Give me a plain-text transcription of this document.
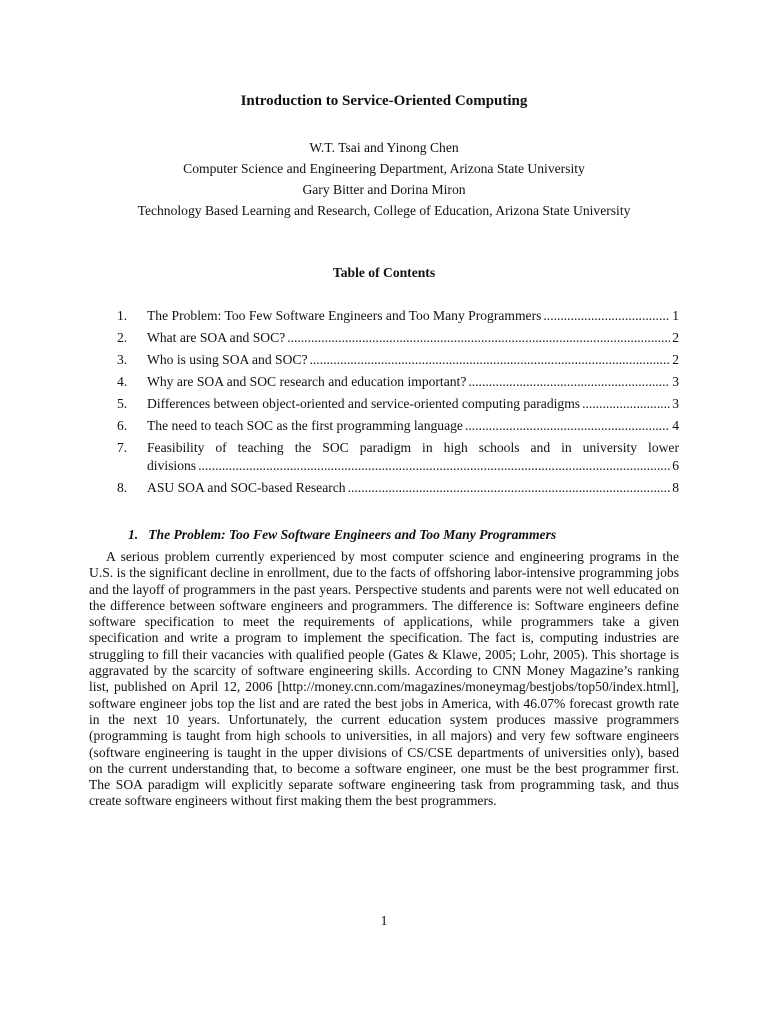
Introduction to Service-Oriented Computing
W.T. Tsai and Yinong Chen
Computer Science and Engineering Department, Arizona State University
Gary Bitter and Dorina Miron
Technology Based Learning and Research, College of Education, Arizona State University
Table of Contents
1.	The Problem: Too Few Software Engineers and Too Many Programmers .....	1
2.	What are SOA and SOC? .....	2
3.	Who is using SOA and SOC? .....	2
4.	Why are SOA and SOC research and education important? .....	3
5.	Differences between object-oriented and service-oriented computing paradigms .....	3
6.	The need to teach SOC as the first programming language .....	4
7.	Feasibility of teaching the SOC paradigm in high schools and in university lower
divisions .....	6
8.	ASU SOA and SOC-based Research .....	8
1. The Problem: Too Few Software Engineers and Too Many Programmers
A serious problem currently experienced by most computer science and engineering programs in the U.S. is the significant decline in enrollment, due to the facts of offshoring labor-intensive programming jobs and the layoff of programmers in the past years. Perspective students and parents were not well educated on the difference between software engineers and programmers. The difference is: Software engineers define software specification to meet the requirements of applications, while programmers take a given specification and write a program to implement the specification. The fact is, computing industries are struggling to fill their vacancies with qualified people (Gates & Klawe, 2005; Lohr, 2005). This shortage is aggravated by the scarcity of software engineering skills. According to CNN Money Magazine’s ranking list, published on April 12, 2006 [http://money.cnn.com/magazines/moneymag/bestjobs/top50/index.html], software engineer jobs top the list and are rated the best jobs in America, with 46.07% forecast growth rate in the next 10 years. Unfortunately, the current education system produces massive programmers (programming is taught from high schools to universities, in all majors) and very few software engineers (software engineering is taught in the upper divisions of CS/CSE departments of universities only), based on the current understanding that, to become a software engineer, one must be the best programmer first. The SOA paradigm will explicitly separate software engineering task from programming task, and thus create software engineers without first making them the best programmers.
1
